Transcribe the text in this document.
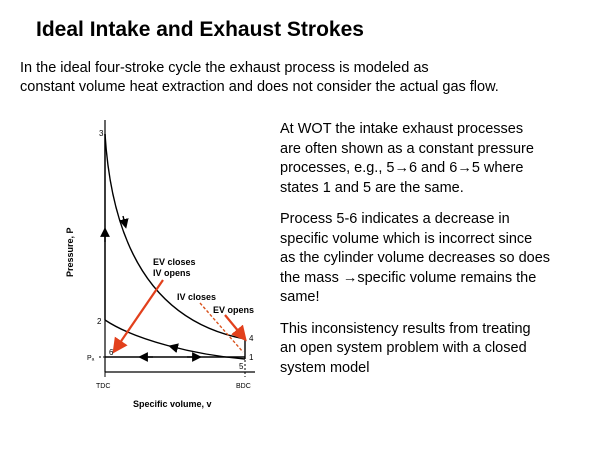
Ideal Intake and Exhaust Strokes

In the ideal four-stroke cycle the exhaust process is modeled as
constant volume heat extraction and does not consider the actual gas flow.

3
2
6
4
1
5
EV closes
IV opens
IV closes
EV opens
Pₐ
TDC	BDC
Specific volume, v
Pressure, P

At WOT the intake exhaust processes
are often shown as a constant pressure
processes, e.g., 5→6 and 6→5 where
states 1 and 5 are the same.

Process 5-6 indicates a decrease in
specific volume which is incorrect since
as the cylinder volume decreases so does
the mass →specific volume remains the
same!

This inconsistency results from treating
an open system problem with a closed
system model
